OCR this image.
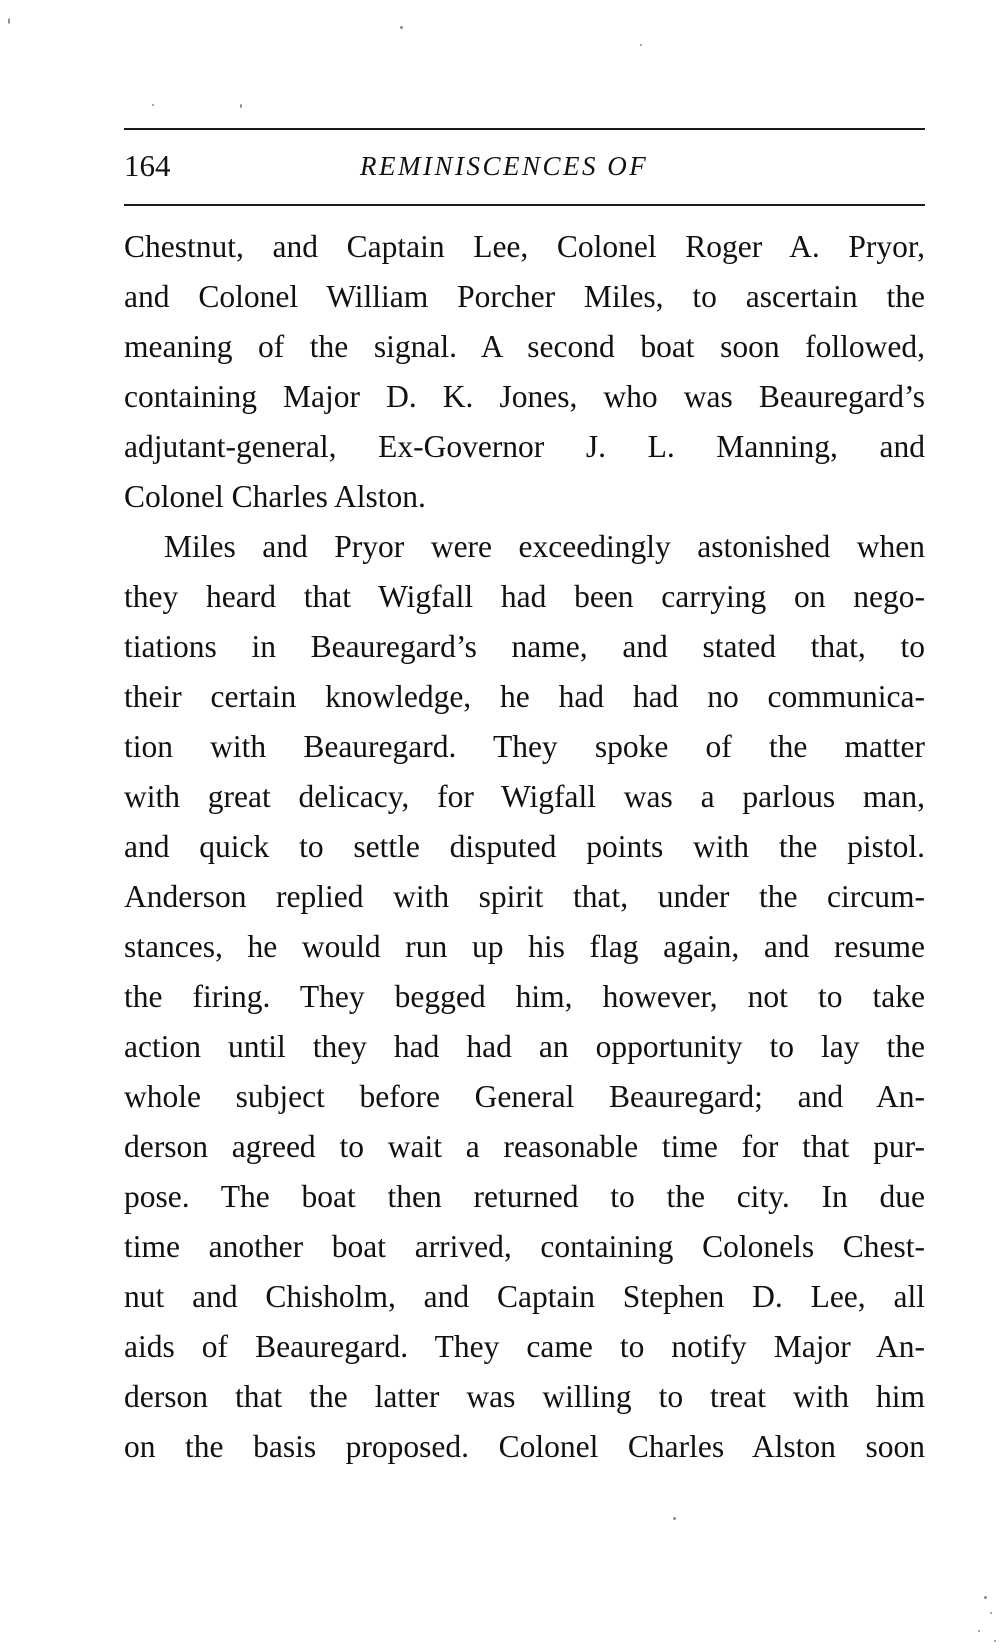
164	REMINISCENCES OF
Chestnut, and Captain Lee, Colonel Roger A. Pryor,
and Colonel William Porcher Miles, to ascertain the
meaning of the signal. A second boat soon followed,
containing Major D. K. Jones, who was Beauregard’s
adjutant-general, Ex-Governor J. L. Manning, and
Colonel Charles Alston.
Miles and Pryor were exceedingly astonished when
they heard that Wigfall had been carrying on nego-
tiations in Beauregard’s name, and stated that, to
their certain knowledge, he had had no communica-
tion with Beauregard. They spoke of the matter
with great delicacy, for Wigfall was a parlous man,
and quick to settle disputed points with the pistol.
Anderson replied with spirit that, under the circum-
stances, he would run up his flag again, and resume
the firing. They begged him, however, not to take
action until they had had an opportunity to lay the
whole subject before General Beauregard; and An-
derson agreed to wait a reasonable time for that pur-
pose. The boat then returned to the city. In due
time another boat arrived, containing Colonels Chest-
nut and Chisholm, and Captain Stephen D. Lee, all
aids of Beauregard. They came to notify Major An-
derson that the latter was willing to treat with him
on the basis proposed. Colonel Charles Alston soon
